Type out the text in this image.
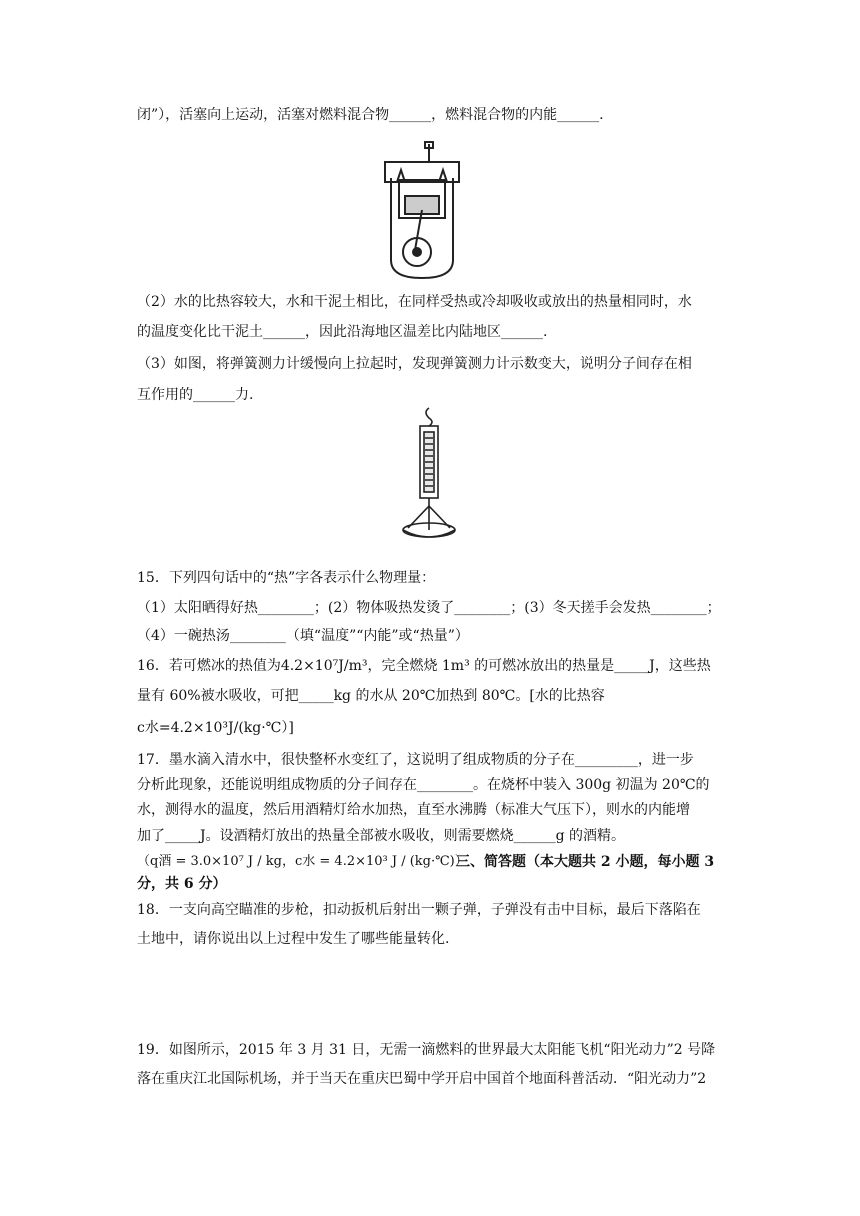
闭”），活塞向上运动，活塞对燃料混合物______，燃料混合物的内能______.
（2）水的比热容较大，水和干泥土相比，在同样受热或冷却吸收或放出的热量相同时，水
的温度变化比干泥土______，因此沿海地区温差比内陆地区______.
（3）如图，将弹簧测力计缓慢向上拉起时，发现弹簧测力计示数变大，说明分子间存在相
互作用的______力.
15．下列四句话中的“热”字各表示什么物理量：
（1）太阳晒得好热________；(2）物体吸热发烫了________；(3）冬天搓手会发热________；
（4）一碗热汤________（填“温度”“内能”或“热量”）
16．若可燃冰的热值为4.2×10⁷J/m³，完全燃烧 1m³ 的可燃冰放出的热量是_____J，这些热
量有 60%被水吸收，可把_____kg 的水从 20℃加热到 80℃。[水的比热容
c水=4.2×10³J/(kg·℃）]
17．墨水滴入清水中，很快整杯水变红了，这说明了组成物质的分子在_________，进一步
分析此现象，还能说明组成物质的分子间存在________。在烧杯中装入 300g 初温为 20℃的
水，测得水的温度，然后用酒精灯给水加热，直至水沸腾（标准大气压下），则水的内能增
加了_____J。设酒精灯放出的热量全部被水吸收，则需要燃烧______g 的酒精。
（q酒 = 3.0×10⁷ J / kg，c水 = 4.2×10³ J / (kg·℃)）
三、简答题（本大题共 2 小题，每小题 3
分，共 6 分）
18．一支向高空瞄准的步枪，扣动扳机后射出一颗子弹，子弹没有击中目标，最后下落陷在
土地中，请你说出以上过程中发生了哪些能量转化.
19．如图所示，2015 年 3 月 31 日，无需一滴燃料的世界最大太阳能飞机“阳光动力”2 号降
落在重庆江北国际机场，并于当天在重庆巴蜀中学开启中国首个地面科普活动．“阳光动力”2
